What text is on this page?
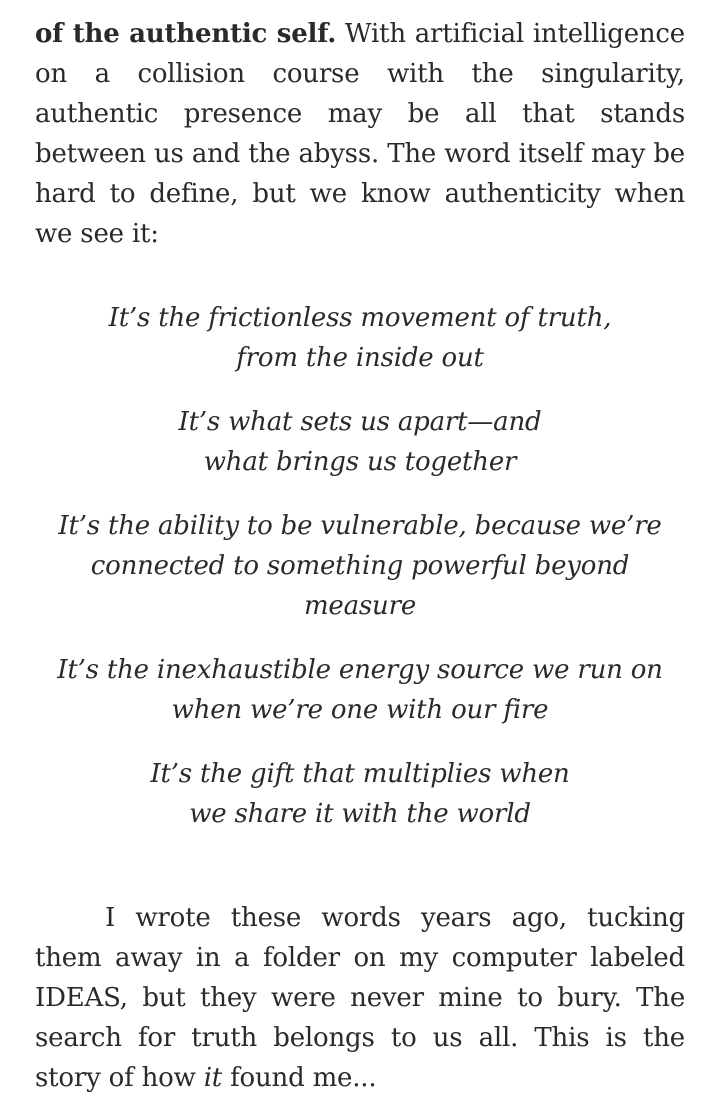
of the authentic self. With artificial intelligence on a collision course with the singularity, authentic presence may be all that stands between us and the abyss. The word itself may be hard to define, but we know authenticity when we see it:

It’s the frictionless movement of truth,
from the inside out
It’s what sets us apart—and
what brings us together
It’s the ability to be vulnerable, because we’re
connected to something powerful beyond
measure
It’s the inexhaustible energy source we run on
when we’re one with our fire
It’s the gift that multiplies when
we share it with the world

I wrote these words years ago, tucking them away in a folder on my computer labeled IDEAS, but they were never mine to bury. The search for truth belongs to us all. This is the story of how it found me...
